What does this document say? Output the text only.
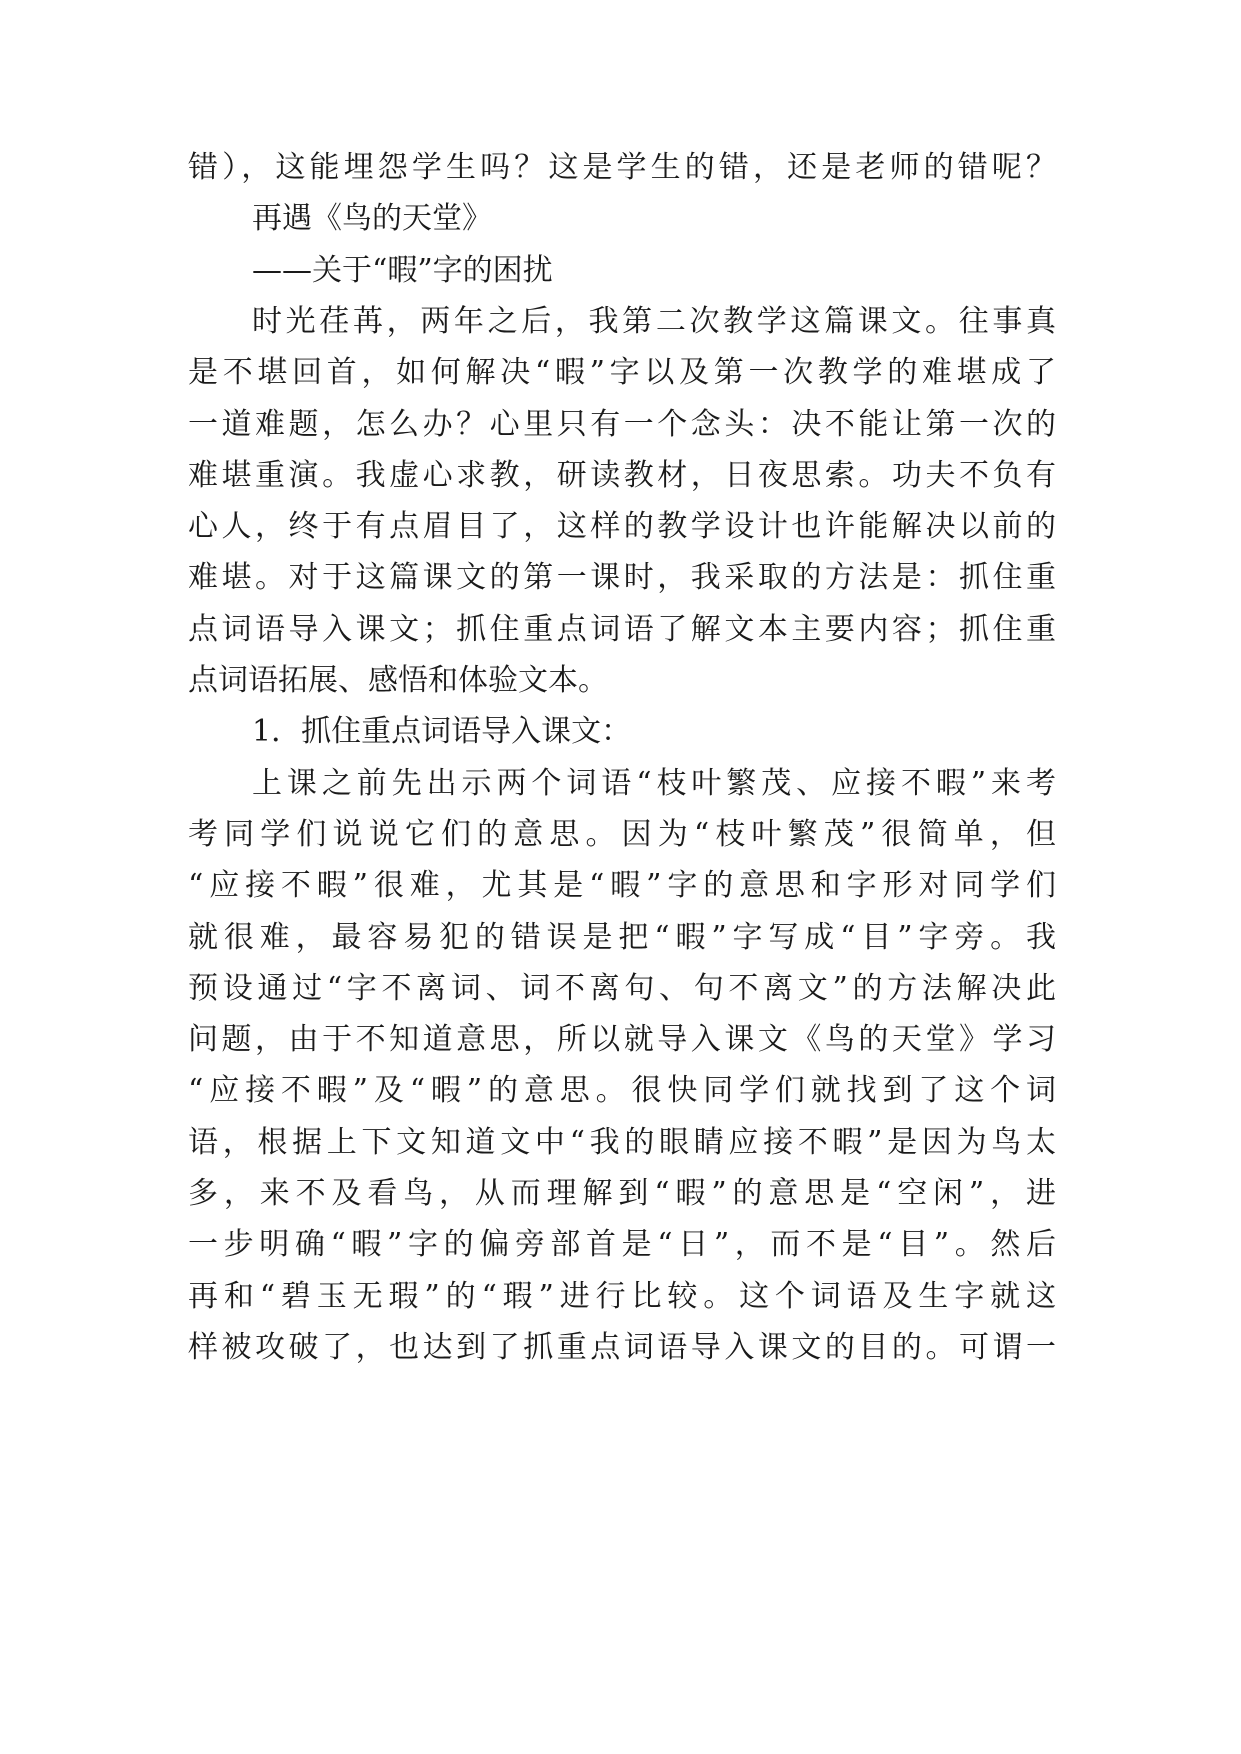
错），这能埋怨学生吗？这是学生的错，还是老师的错呢？
再遇《鸟的天堂》
——关于“暇”字的困扰
时光荏苒，两年之后，我第二次教学这篇课文。往事真
是不堪回首，如何解决“暇”字以及第一次教学的难堪成了
一道难题，怎么办？心里只有一个念头：决不能让第一次的
难堪重演。我虚心求教，研读教材，日夜思索。功夫不负有
心人，终于有点眉目了，这样的教学设计也许能解决以前的
难堪。对于这篇课文的第一课时，我采取的方法是：抓住重
点词语导入课文；抓住重点词语了解文本主要内容；抓住重
点词语拓展、感悟和体验文本。
1．抓住重点词语导入课文：
上课之前先出示两个词语“枝叶繁茂、应接不暇”来考
考同学们说说它们的意思。因为“枝叶繁茂”很简单，但
“应接不暇”很难，尤其是“暇”字的意思和字形对同学们
就很难，最容易犯的错误是把“暇”字写成“目”字旁。我
预设通过“字不离词、词不离句、句不离文”的方法解决此
问题，由于不知道意思，所以就导入课文《鸟的天堂》学习
“应接不暇”及“暇”的意思。很快同学们就找到了这个词
语，根据上下文知道文中“我的眼睛应接不暇”是因为鸟太
多，来不及看鸟，从而理解到“暇”的意思是“空闲”，进
一步明确“暇”字的偏旁部首是“日”，而不是“目”。然后
再和“碧玉无瑕”的“瑕”进行比较。这个词语及生字就这
样被攻破了，也达到了抓重点词语导入课文的目的。可谓一
